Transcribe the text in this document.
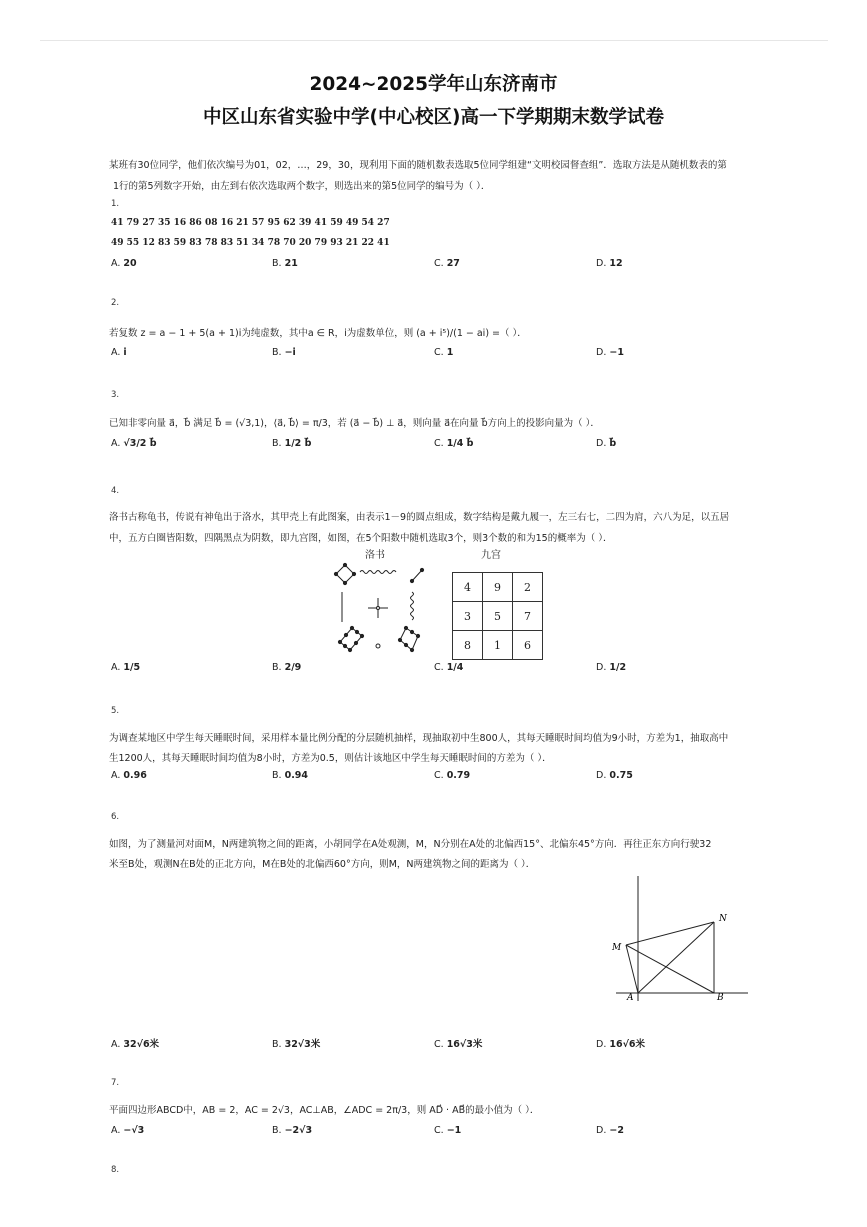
2024~2025学年山东济南市
中区山东省实验中学(中心校区)高一下学期期末数学试卷
某班有30位同学，他们依次编号为01，02，…，29，30，现利用下面的随机数表选取5位同学组建“文明校园督查组”．选取方法是从随机数表的第
1行的第5列数字开始，由左到右依次选取两个数字，则选出来的第5位同学的编号为（ ）．
1.
41 79 27 35 16 86 08 16 21 57 95 62 39 41 59 49 54 27
49 55 12 83 59 83 78 83 51 34 78 70 20 79 93 21 22 41
A. 20	B. 21	C. 27	D. 12
2.
若复数 z = a − 1 + 5(a + 1)i为纯虚数，其中a ∈ R，i为虚数单位，则 (a + i⁵)/(1 − ai) =（ ）．
A. i	B. −i	C. 1	D. −1
3.
已知非零向量 a⃗，b⃗ 满足 b⃗ = (√3,1)，⟨a⃗, b⃗⟩ = π/3，若 (a⃗ − b⃗) ⊥ a⃗，则向量 a⃗在向量 b⃗方向上的投影向量为（ ）．
A. √3/2 b⃗	B. 1/2 b⃗	C. 1/4 b⃗	D. b⃗
4.
洛书古称龟书，传说有神龟出于洛水，其甲壳上有此图案，由表示1－9的圆点组成，数字结构是戴九履一，左三右七，二四为肩，六八为足，以五居
中，五方白圈皆阳数，四隅黑点为阴数，即九宫图，如图，在5个阳数中随机选取3个，则3个数的和为15的概率为（ ）．
洛书	九宫
4	9	2
3	5	7
8	1	6
A. 1/5	B. 2/9	C. 1/4	D. 1/2
5.
为调查某地区中学生每天睡眠时间，采用样本量比例分配的分层随机抽样，现抽取初中生800人，其每天睡眠时间均值为9小时，方差为1，抽取高中
生1200人，其每天睡眠时间均值为8小时，方差为0.5，则估计该地区中学生每天睡眠时间的方差为（ ）．
A. 0.96	B. 0.94	C. 0.79	D. 0.75
6.
如图，为了测量河对面M，N两建筑物之间的距离，小胡同学在A处观测，M，N分别在A处的北偏西15°、北偏东45°方向．再往正东方向行驶32
米至B处，观测N在B处的正北方向，M在B处的北偏西60°方向，则M，N两建筑物之间的距离为（ ）．
M
N
A	B
A. 32√6米	B. 32√3米	C. 16√3米	D. 16√6米
7.
平面四边形ABCD中，AB = 2，AC = 2√3，AC⊥AB，∠ADC = 2π/3，则 AD⃗ · AB⃗的最小值为（ ）．
A. −√3	B. −2√3	C. −1	D. −2
8.
